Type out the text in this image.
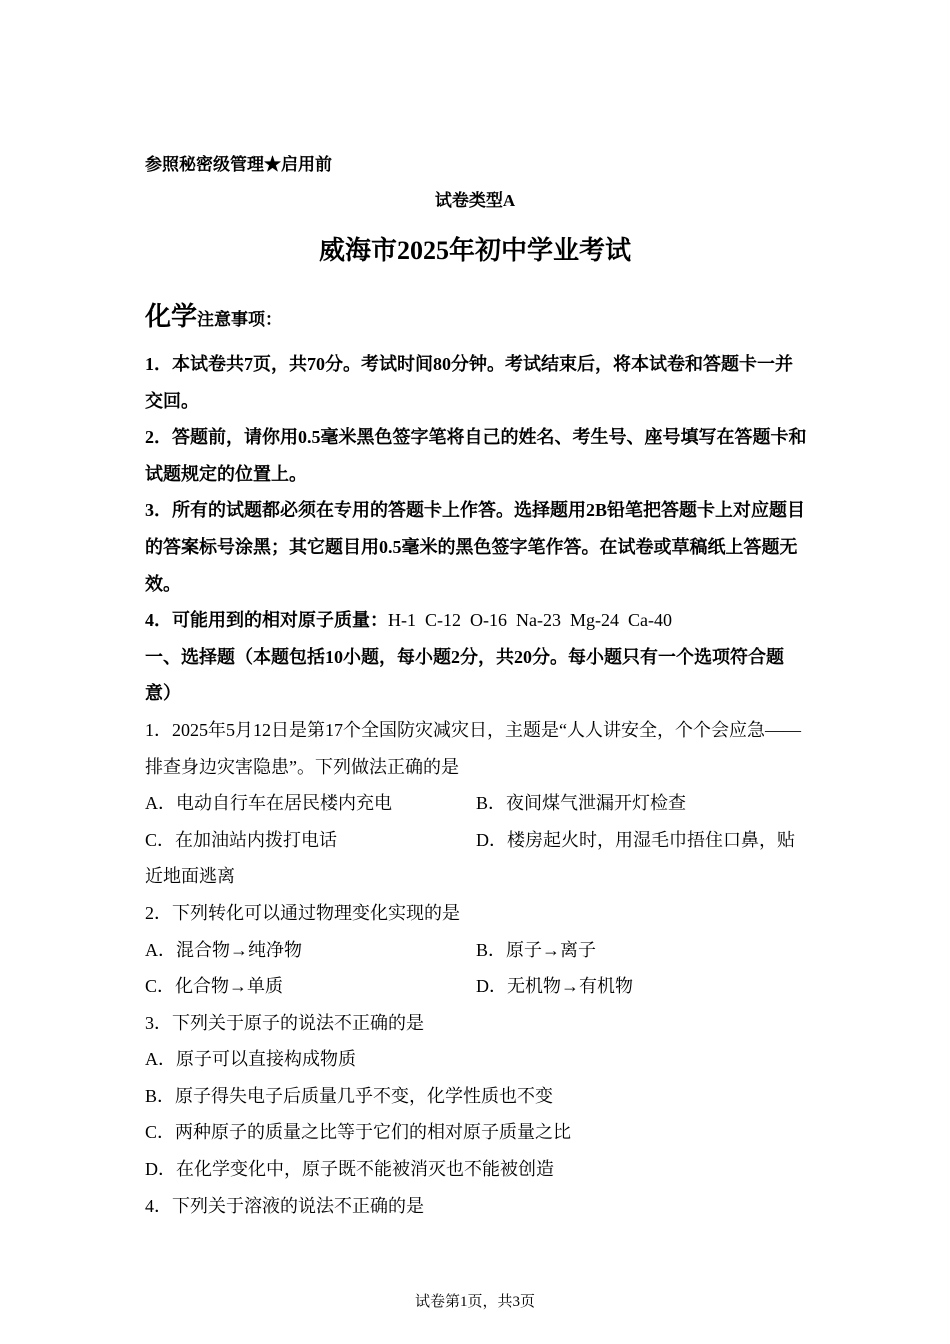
参照秘密级管理★启用前
试卷类型A
威海市2025年初中学业考试
化学注意事项：

1．本试卷共7页，共70分。考试时间80分钟。考试结束后，将本试卷和答题卡一并交回。

2．答题前，请你用0.5毫米黑色签字笔将自己的姓名、考生号、座号填写在答题卡和试题规定的位置上。

3．所有的试题都必须在专用的答题卡上作答。选择题用2B铅笔把答题卡上对应题目的答案标号涂黑；其它题目用0.5毫米的黑色签字笔作答。在试卷或草稿纸上答题无效。

4．可能用到的相对原子质量：H-1  C-12  O-16  Na-23  Mg-24  Ca-40

一、选择题（本题包括10小题，每小题2分，共20分。每小题只有一个选项符合题意）

1．2025年5月12日是第17个全国防灾减灾日，主题是“人人讲安全，个个会应急——排查身边灾害隐患”。下列做法正确的是

A．电动自行车在居民楼内充电	B．夜间煤气泄漏开灯检查

C．在加油站内拨打电话	D．楼房起火时，用湿毛巾捂住口鼻，贴近地面逃离

2．下列转化可以通过物理变化实现的是

A．混合物→纯净物	B．原子→离子

C．化合物→单质	D．无机物→有机物

3．下列关于原子的说法不正确的是

A．原子可以直接构成物质

B．原子得失电子后质量几乎不变，化学性质也不变

C．两种原子的质量之比等于它们的相对原子质量之比

D．在化学变化中，原子既不能被消灭也不能被创造

4．下列关于溶液的说法不正确的是

试卷第1页，共3页
